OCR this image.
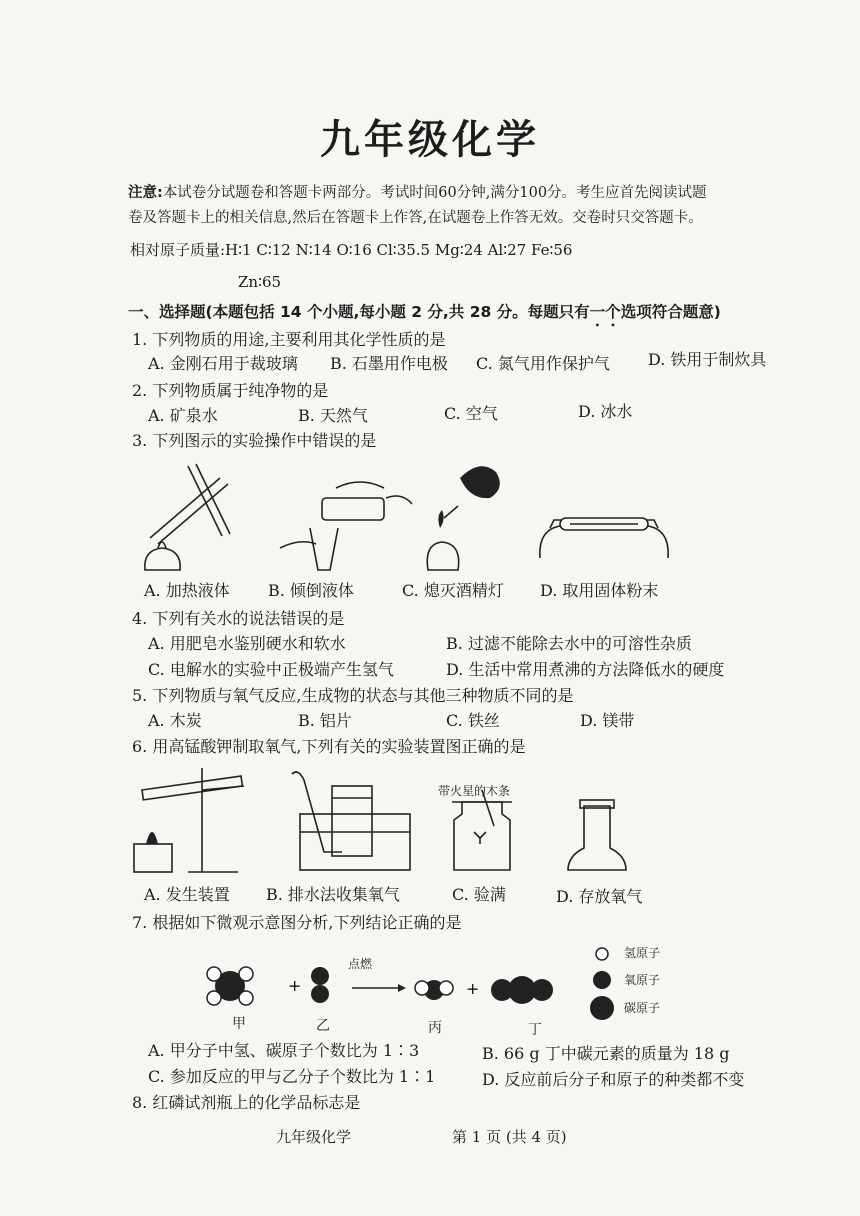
九年级化学
注意:本试卷分试题卷和答题卡两部分。考试时间60分钟,满分100分。考生应首先阅读试题
卷及答题卡上的相关信息,然后在答题卡上作答,在试题卷上作答无效。交卷时只交答题卡。
相对原子质量:H∶1 C∶12 N∶14 O∶16 Cl∶35.5 Mg∶24 Al∶27 Fe∶56
Zn∶65
一、选择题(本题包括 14 个小题,每小题 2 分,共 28 分。每题只有一个选项符合题意)
1. 下列物质的用途,主要利用其化学性质的是
A. 金刚石用于裁玻璃 B. 石墨用作电极 C. 氮气用作保护气 D. 铁用于制炊具
2. 下列物质属于纯净物的是
A. 矿泉水	B. 天然气	C. 空气	D. 冰水
3. 下列图示的实验操作中错误的是
A. 加热液体 B. 倾倒液体	C. 熄灭酒精灯 D. 取用固体粉末
4. 下列有关水的说法错误的是
A. 用肥皂水鉴别硬水和软水	B. 过滤不能除去水中的可溶性杂质
C. 电解水的实验中正极端产生氢气	D. 生活中常用煮沸的方法降低水的硬度
5. 下列物质与氧气反应,生成物的状态与其他三种物质不同的是
A. 木炭	B. 铝片	C. 铁丝	D. 镁带
6. 用高锰酸钾制取氧气,下列有关的实验装置图正确的是
带火星的木条
A. 发生装置 B. 排水法收集氧气	C. 验满	D. 存放氧气
7. 根据如下微观示意图分析,下列结论正确的是
+	+
点燃
氢原子
氧原子
碳原子
甲	乙	丙	丁
A. 甲分子中氢、碳原子个数比为 1∶3	B. 66 g 丁中碳元素的质量为 18 g
C. 参加反应的甲与乙分子个数比为 1∶1	D. 反应前后分子和原子的种类都不变
8. 红磷试剂瓶上的化学品标志是
九年级化学	第 1 页 (共 4 页)
